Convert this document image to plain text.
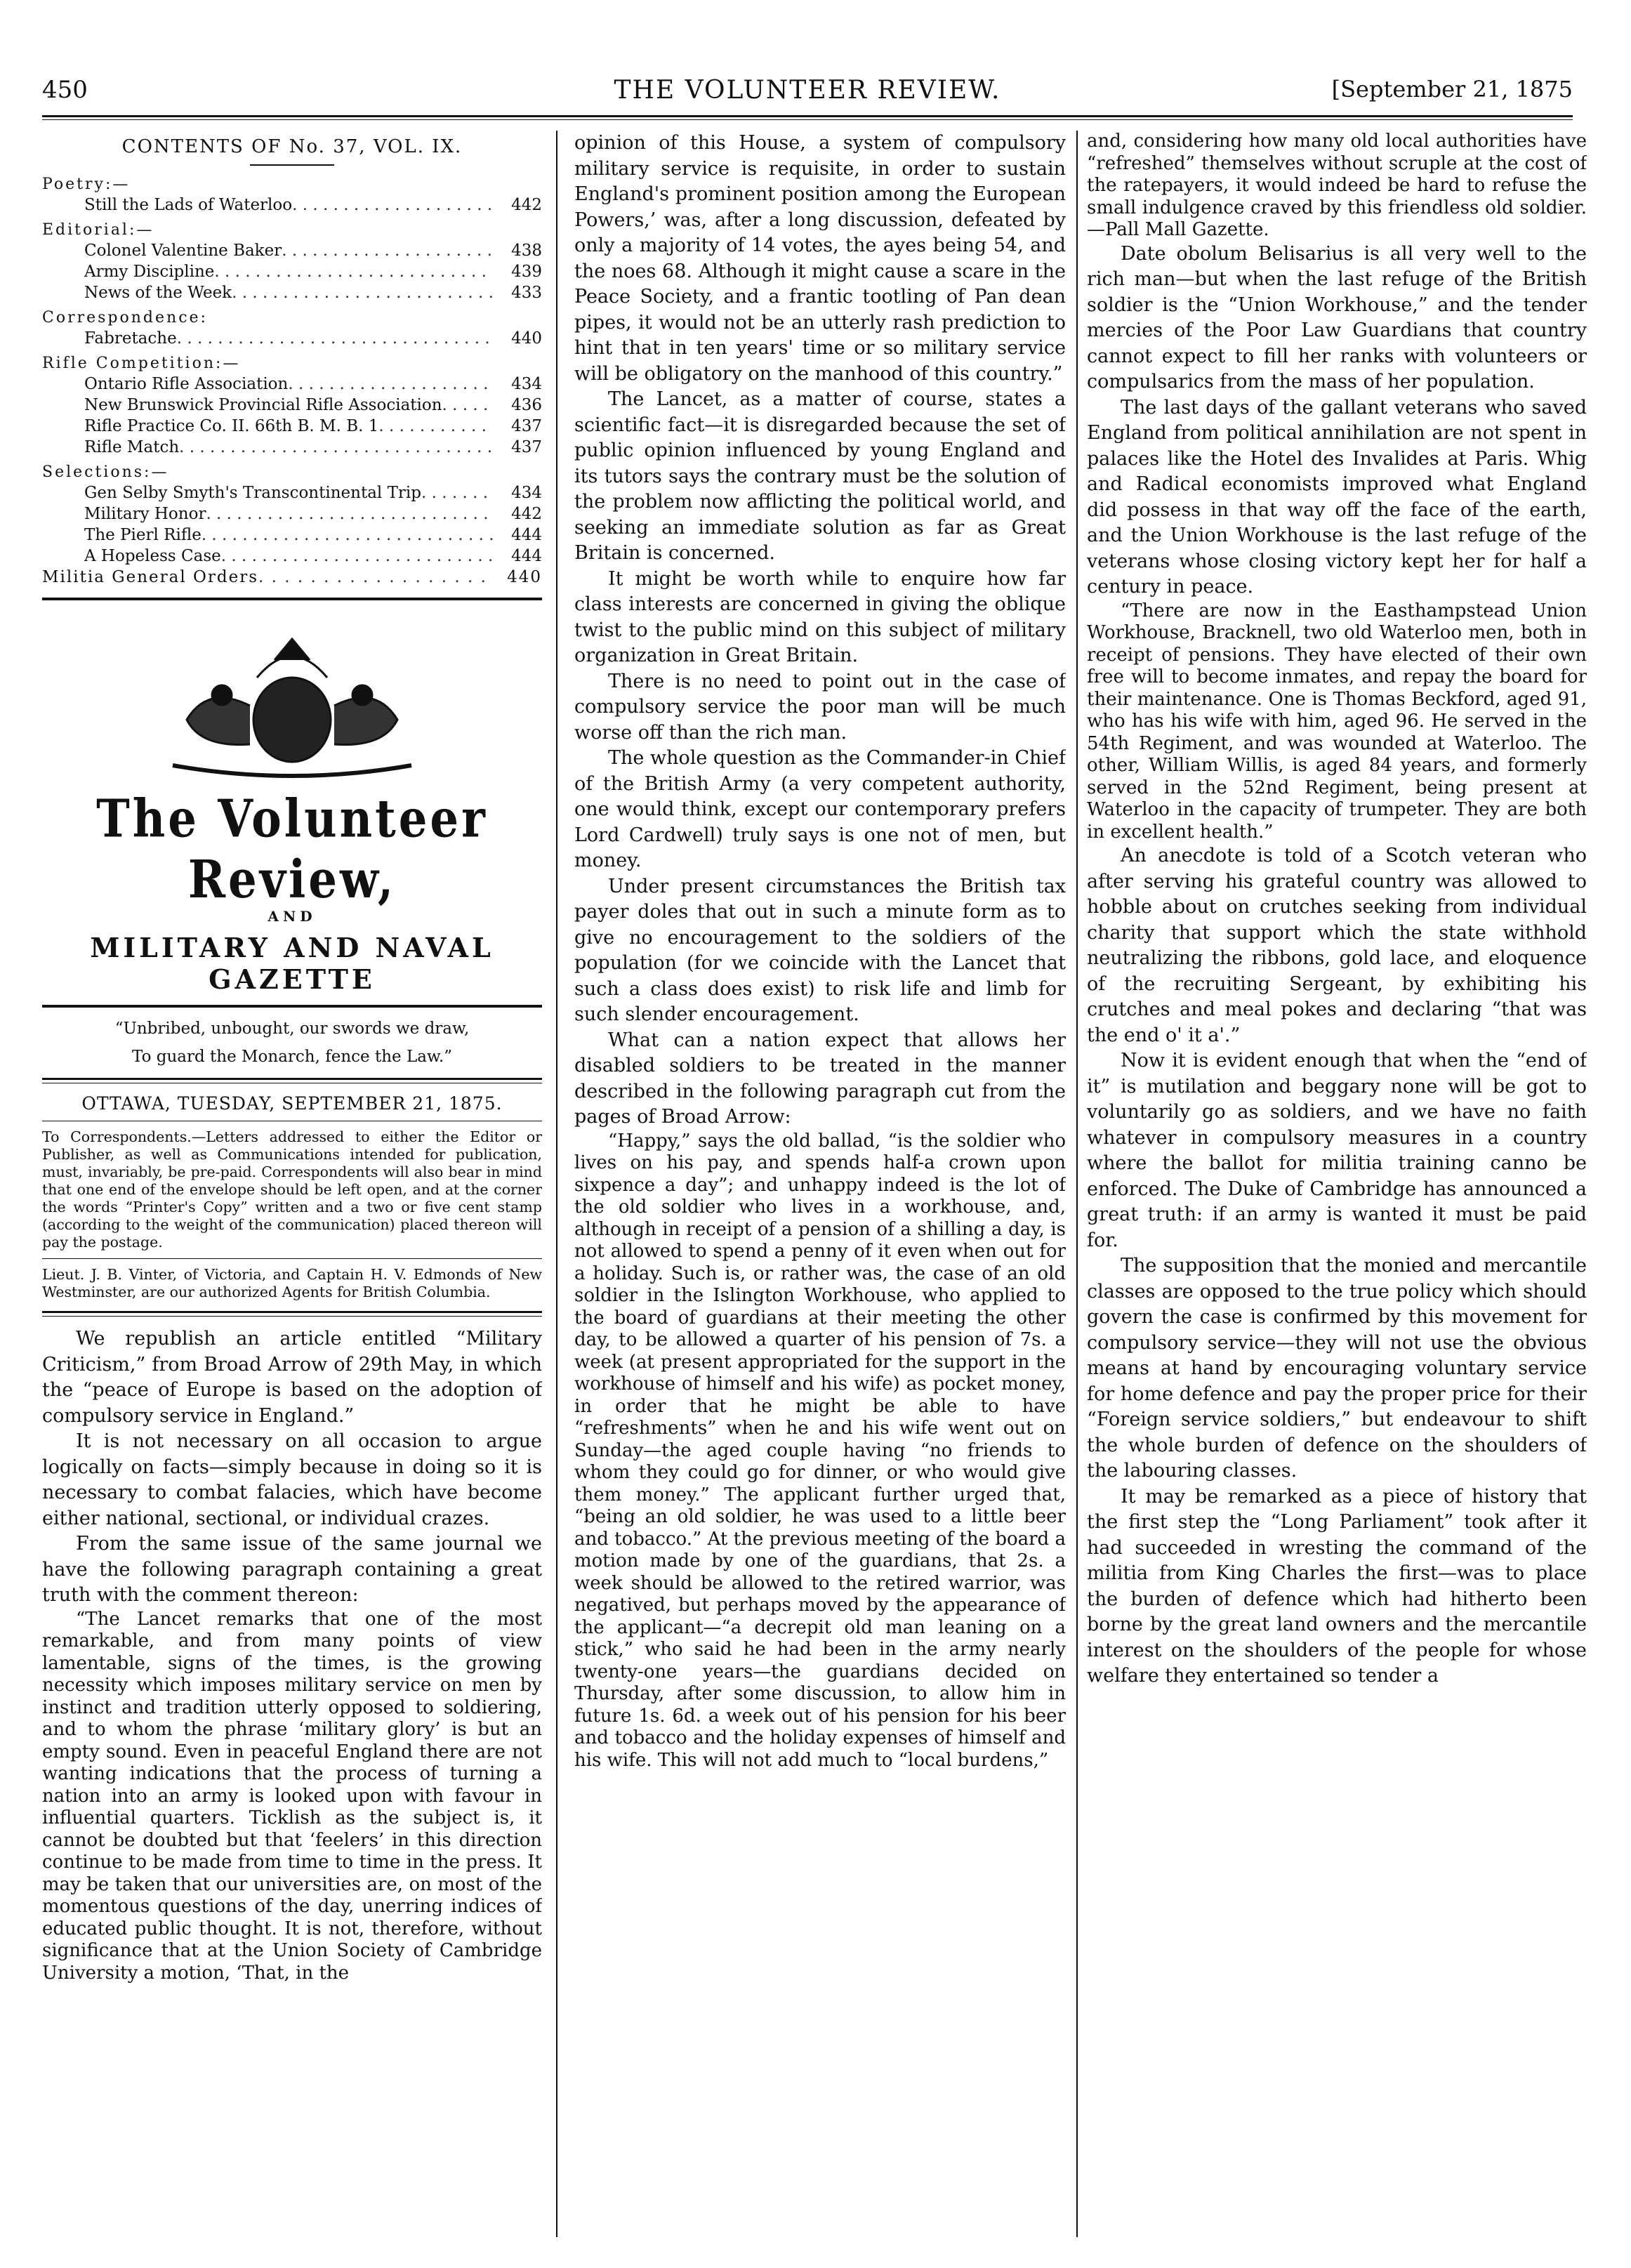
450	THE VOLUNTEER REVIEW.	[September 21, 1875
CONTENTS OF No. 37, VOL. IX.
Poetry:—
Still the Lads of Waterloo . . .	442
Editorial:—
Colonel Valentine Baker . . .	438
Army Discipline . . .	439
News of the Week . . .	433
Correspondence:
Fabretache . . .	440
Rifle Competition:—
Ontario Rifle Association . . .	434
New Brunswick Provincial Rifle Association . . .	436
Rifle Practice Co. II. 66th B. M. B. 1 . . .	437
Rifle Match . . .	437
Selections:—
Gen Selby Smyth's Transcontinental Trip . . .	434
Military Honor . . .	442
The Pierl Rifle . . .	444
A Hopeless Case . . .	444
Militia General Orders . . .	440
The Volunteer Review,
AND
MILITARY AND NAVAL GAZETTE
“Unbribed, unbought, our swords we draw,
To guard the Monarch, fence the Law.”
OTTAWA, TUESDAY, SEPTEMBER 21, 1875.
To Correspondents.—Letters addressed to either the Editor or Publisher, as well as Communications intended for publication, must, invariably, be pre-paid. Correspondents will also bear in mind that one end of the envelope should be left open, and at the corner the words “Printer's Copy” written and a two or five cent stamp (according to the weight of the communication) placed thereon will pay the postage.
Lieut. J. B. Vinter, of Victoria, and Captain H. V. Edmonds of New Westminster, are our authorized Agents for British Columbia.

We republish an article entitled “Military Criticism,” from Broad Arrow of 29th May, in which the “peace of Europe is based on the adoption of compulsory service in England.”

It is not necessary on all occasion to argue logically on facts—simply because in doing so it is necessary to combat falacies, which have become either national, sectional, or individual crazes.

From the same issue of the same journal we have the following paragraph containing a great truth with the comment thereon:

“The Lancet remarks that one of the most remarkable, and from many points of view lamentable, signs of the times, is the growing necessity which imposes military service on men by instinct and tradition utterly opposed to soldiering, and to whom the phrase ‘military glory’ is but an empty sound. Even in peaceful England there are not wanting indications that the process of turning a nation into an army is looked upon with favour in influential quarters. Ticklish as the subject is, it cannot be doubted but that ‘feelers’ in this direction continue to be made from time to time in the press. It may be taken that our universities are, on most of the momentous questions of the day, unerring indices of educated public thought. It is not, therefore, without significance that at the Union Society of Cambridge University a motion, ‘That, in the

opinion of this House, a system of compulsory military service is requisite, in order to sustain England's prominent position among the European Powers,’ was, after a long discussion, defeated by only a majority of 14 votes, the ayes being 54, and the noes 68. Although it might cause a scare in the Peace Society, and a frantic tootling of Pan dean pipes, it would not be an utterly rash prediction to hint that in ten years' time or so military service will be obligatory on the manhood of this country.”

The Lancet, as a matter of course, states a scientific fact—it is disregarded because the set of public opinion influenced by young England and its tutors says the contrary must be the solution of the problem now afflicting the political world, and seeking an immediate solution as far as Great Britain is concerned.

It might be worth while to enquire how far class interests are concerned in giving the oblique twist to the public mind on this subject of military organization in Great Britain.

There is no need to point out in the case of compulsory service the poor man will be much worse off than the rich man.

The whole question as the Commander-in Chief of the British Army (a very competent authority, one would think, except our contemporary prefers Lord Cardwell) truly says is one not of men, but money.

Under present circumstances the British tax payer doles that out in such a minute form as to give no encouragement to the soldiers of the population (for we coincide with the Lancet that such a class does exist) to risk life and limb for such slender encouragement.

What can a nation expect that allows her disabled soldiers to be treated in the manner described in the following paragraph cut from the pages of Broad Arrow:

“Happy,” says the old ballad, “is the soldier who lives on his pay, and spends half-a crown upon sixpence a day”; and unhappy indeed is the lot of the old soldier who lives in a workhouse, and, although in receipt of a pension of a shilling a day, is not allowed to spend a penny of it even when out for a holiday. Such is, or rather was, the case of an old soldier in the Islington Workhouse, who applied to the board of guardians at their meeting the other day, to be allowed a quarter of his pension of 7s. a week (at present appropriated for the support in the workhouse of himself and his wife) as pocket money, in order that he might be able to have “refreshments” when he and his wife went out on Sunday—the aged couple having “no friends to whom they could go for dinner, or who would give them money.” The applicant further urged that, “being an old soldier, he was used to a little beer and tobacco.” At the previous meeting of the board a motion made by one of the guardians, that 2s. a week should be allowed to the retired warrior, was negatived, but perhaps moved by the appearance of the applicant—“a decrepit old man leaning on a stick,” who said he had been in the army nearly twenty-one years—the guardians decided on Thursday, after some discussion, to allow him in future 1s. 6d. a week out of his pension for his beer and tobacco and the holiday expenses of himself and his wife. This will not add much to “local burdens,”

and, considering how many old local authorities have “refreshed” themselves without scruple at the cost of the ratepayers, it would indeed be hard to refuse the small indulgence craved by this friendless old soldier.—Pall Mall Gazette.

Date obolum Belisarius is all very well to the rich man—but when the last refuge of the British soldier is the “Union Workhouse,” and the tender mercies of the Poor Law Guardians that country cannot expect to fill her ranks with volunteers or compulsarics from the mass of her population.

The last days of the gallant veterans who saved England from political annihilation are not spent in palaces like the Hotel des Invalides at Paris. Whig and Radical economists improved what England did possess in that way off the face of the earth, and the Union Workhouse is the last refuge of the veterans whose closing victory kept her for half a century in peace.

“There are now in the Easthampstead Union Workhouse, Bracknell, two old Waterloo men, both in receipt of pensions. They have elected of their own free will to become inmates, and repay the board for their maintenance. One is Thomas Beckford, aged 91, who has his wife with him, aged 96. He served in the 54th Regiment, and was wounded at Waterloo. The other, William Willis, is aged 84 years, and formerly served in the 52nd Regiment, being present at Waterloo in the capacity of trumpeter. They are both in excellent health.”

An anecdote is told of a Scotch veteran who after serving his grateful country was allowed to hobble about on crutches seeking from individual charity that support which the state withhold neutralizing the ribbons, gold lace, and eloquence of the recruiting Sergeant, by exhibiting his crutches and meal pokes and declaring “that was the end o' it a'.”

Now it is evident enough that when the “end of it” is mutilation and beggary none will be got to voluntarily go as soldiers, and we have no faith whatever in compulsory measures in a country where the ballot for militia training canno be enforced. The Duke of Cambridge has announced a great truth: if an army is wanted it must be paid for.

The supposition that the monied and mercantile classes are opposed to the true policy which should govern the case is confirmed by this movement for compulsory service—they will not use the obvious means at hand by encouraging voluntary service for home defence and pay the proper price for their “Foreign service soldiers,” but endeavour to shift the whole burden of defence on the shoulders of the labouring classes.

It may be remarked as a piece of history that the first step the “Long Parliament” took after it had succeeded in wresting the command of the militia from King Charles the first—was to place the burden of defence which had hitherto been borne by the great land owners and the mercantile interest on the shoulders of the people for whose welfare they entertained so tender a
